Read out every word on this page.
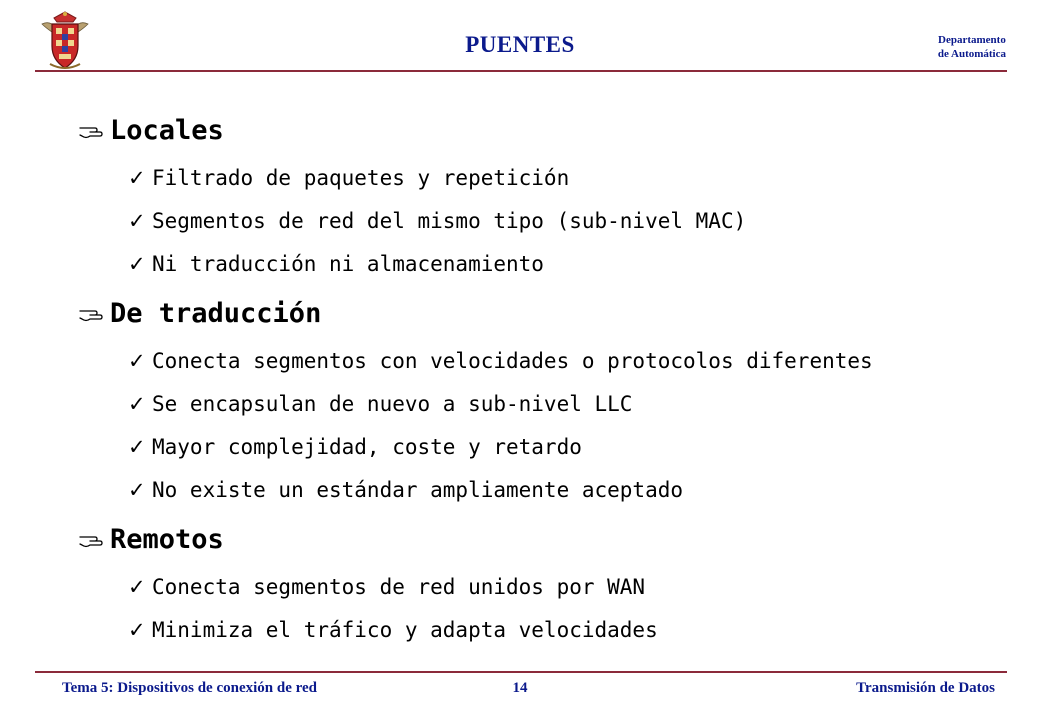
PUENTES	Departamento
de Automática
Locales
✓ Filtrado de paquetes y repetición
✓ Segmentos de red del mismo tipo (sub-nivel MAC)
✓ Ni traducción ni almacenamiento
De traducción
✓ Conecta segmentos con velocidades o protocolos diferentes
✓ Se encapsulan de nuevo a sub-nivel LLC
✓ Mayor complejidad, coste y retardo
✓ No existe un estándar ampliamente aceptado
Remotos
✓ Conecta segmentos de red unidos por WAN
✓ Minimiza el tráfico y adapta velocidades
Tema 5: Dispositivos de conexión de red	14	Transmisión de Datos
